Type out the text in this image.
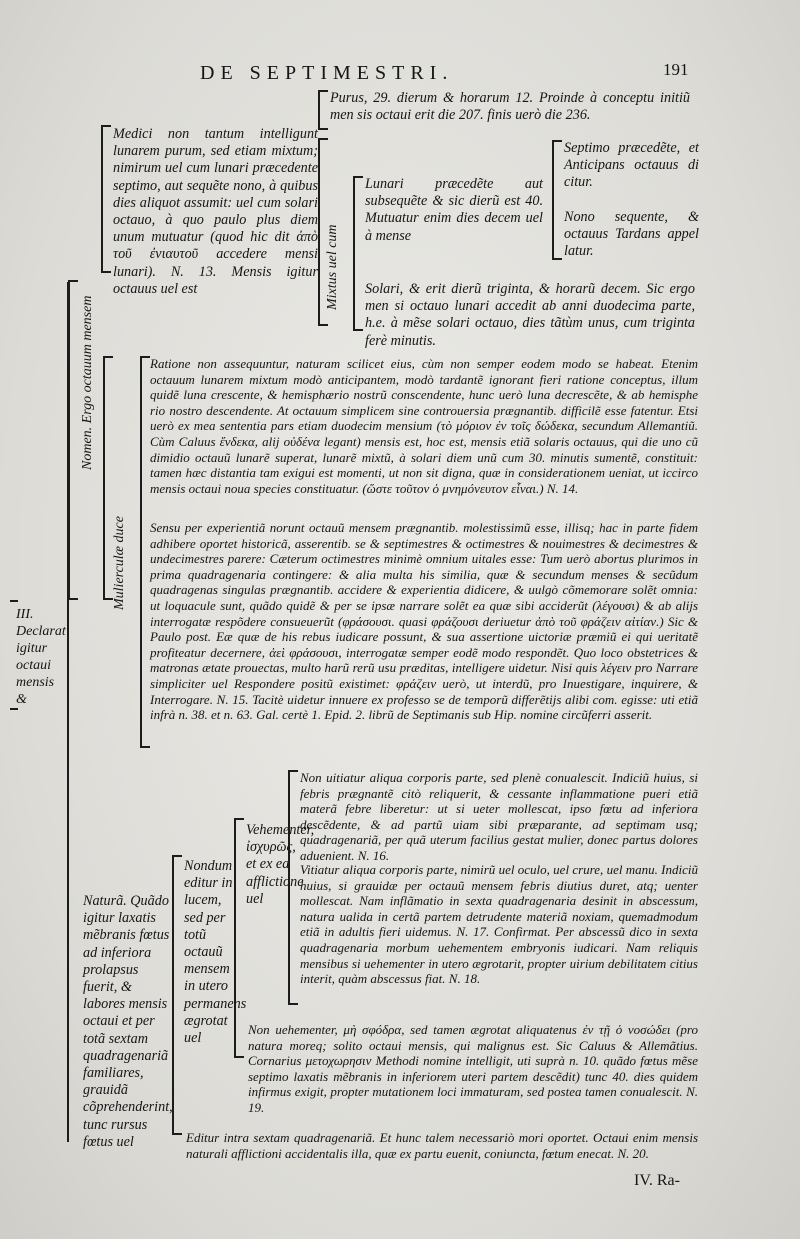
DE SEPTIMESTRI.	191
Purus, 29. dierum & horarum 12. Proinde à conceptu initiũ men sis octaui erit die 207. finis uerò die 236.
Medici non tantum intelligunt lunarem purum, sed etiam mixtum; nimirum uel cum lunari præcedente septimo, aut sequẽte nono, à quibus dies aliquot assumit: uel cum solari octauo, à quo paulo plus diem unum mutuatur (quod hic dit ἀπὸ τοῦ ἐνιαυτοῦ accedere mensi lunari). N. 13. Mensis igitur octauus uel est	Mixtus uel cum
Lunari præcedẽte aut subsequẽte & sic dierũ est 40. Mutuatur enim dies decem uel à mense
Septimo præcedẽte, et Anticipans octauus di citur.
Nono sequente, & octauus Tardans appel latur.
Solari, & erit dierũ triginta, & horarũ decem. Sic ergo men si octauo lunari accedit ab anni duodecima parte, h.e. à mẽse solari octauo, dies tãtùm unus, cum triginta ferè minutis.
Nomen. Ergo octauum mensem
Mulierculæ duce
Ratione non assequuntur, naturam scilicet eius, cùm non semper eodem modo se habeat. Etenim octauum lunarem mixtum modò anticipantem, modò tardantẽ ignorant fieri ratione conceptus, illum quidẽ luna crescente, & hemisphærio nostrũ conscendente, hunc uerò luna decrescẽte, & ab hemisphe rio nostro descendente. At octauum simplicem sine controuersia prægnantib. difficilẽ esse fatentur. Etsi uerò ex mea sententia pars etiam duodecim mensium (τὸ μόριον ἐν τοῖς δώδεκα, secundum Allemantiũ. Cùm Caluus ἕνδεκα, alij οὐδένα legant) mensis est, hoc est, mensis etiã solaris octauus, qui die uno cũ dimidio octauũ lunarẽ superat, lunarẽ mixtũ, à solari diem unũ cum 30. minutis sumentẽ, constituit: tamen hæc distantia tam exigui est momenti, ut non sit digna, quæ in considerationem ueniat, ut iccirco mensis octaui noua species constituatur. (ὥστε τοῦτον ὁ μνημόνευτον εἶναι.) N. 14.
Sensu per experientiã norunt octauũ mensem prægnantib. molestissimũ esse, illisq; hac in parte fidem adhibere oportet historicã, asserentib. se & septimestres & octimestres & nouimestres & decimestres & undecimestres parere: Cæterum octimestres minimè omnium uitales esse: Tum uerò abortus plurimos in prima quadragenaria contingere: & alia multa his similia, quæ & secundum menses & secũdum quadragenas singulas prægnantib. accidere & experientia didicere, & uulgò cõmemorare solẽt omnia: ut loquacule sunt, quãdo quidẽ & per se ipsæ narrare solẽt ea quæ sibi acciderũt (λέγουσι) & ab alijs interrogatæ respõdere consueuerũt (φράσουσι. quasi φράζουσι deriuetur ἀπὸ τοῦ φράζειν αἰτίαν.) Sic & Paulo post. Eæ quæ de his rebus iudicare possunt, & sua assertione uictoriæ præmiũ ei qui ueritatẽ profiteatur decernere, ἀεὶ φράσουσι, interrogatæ semper eodẽ modo respondẽt. Quo loco obstetrices & matronas ætate prouectas, multo harũ rerũ usu præditas, intelligere uidetur. Nisi quis λέγειν pro Narrare simpliciter uel Respondere positũ existimet: φράζειν uerò, ut interdũ, pro Inuestigare, inquirere, & Interrogare. N. 15. Tacitè uidetur innuere ex professo se de temporũ differẽtijs alibi com. egisse: uti etiã infrà n. 38. et n. 63. Gal. certè 1. Epid. 2. librũ de Septimanis sub Hip. nomine circũferri asserit.
III. Declarat igitur octaui mensis &
Naturã. Quãdo igitur laxatis mẽbranis fœtus ad inferiora prolapsus fuerit, & labores mensis octaui et per totã sextam quadragenariã familiares, grauidã cõprehenderint, tunc rursus fœtus uel
Nondum editur in lucem, sed per totũ octauũ mensem in utero permanens ægrotat uel
Vehementer, ἰσχυρῶς, et ex ea afflictione uel
Non uitiatur aliqua corporis parte, sed plenè conualescit. Indiciũ huius, si febris prægnantẽ citò reliquerit, & cessante inflammatione pueri etiã materã febre liberetur: ut si ueter mollescat, ipso fœtu ad inferiora descẽdente, & ad partũ uiam sibi præparante, ad septimam usq; quadragenariã, per quã uterum facilius gestat mulier, donec partus dolores aduenient. N. 16.
Vitiatur aliqua corporis parte, nimirũ uel oculo, uel crure, uel manu. Indiciũ huius, si grauidæ per octauũ mensem febris diutius duret, atq; uenter mollescat. Nam inflãmatio in sexta quadragenaria desinit in abscessum, natura ualida in certã partem detrudente materiã noxiam, quemadmodum etiã in adultis fieri uidemus. N. 17. Confirmat. Per abscessũ dico in sexta quadragenaria morbum uehementem embryonis iudicari. Nam reliquis mensibus si uehementer in utero ægrotarit, propter uirium debilitatem citius interit, quàm abscessus fiat. N. 18.
Non uehementer, μὴ σφόδρα, sed tamen ægrotat aliquatenus ἐν τῇ ὁ νοσώδει (pro natura moreq; solito octaui mensis, qui malignus est. Sic Caluus & Allemãtius. Cornarius μετοχωρησιν Methodi nomine intelligit, uti suprà n. 10. quãdo fœtus mẽse septimo laxatis mẽbranis in inferiorem uteri partem descẽdit) tunc 40. dies quidem infirmus exigit, propter mutationem loci immaturam, sed postea tamen conualescit. N. 19.
Editur intra sextam quadragenariã. Et hunc talem necessariò mori oportet. Octaui enim mensis naturali afflictioni accidentalis illa, quæ ex partu euenit, coniuncta, fœtum enecat. N. 20.
IV. Ra-
